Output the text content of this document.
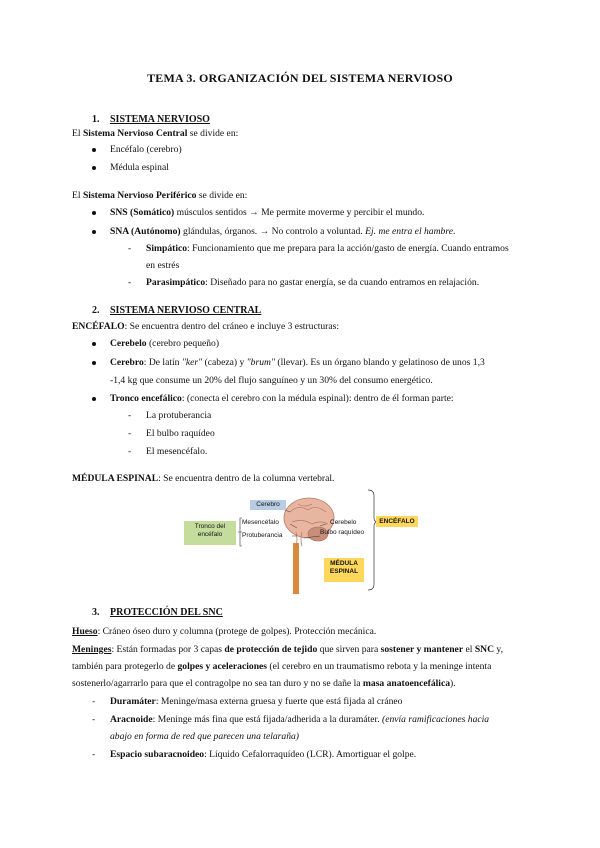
TEMA 3. ORGANIZACIÓN DEL SISTEMA NERVIOSO
1. SISTEMA NERVIOSO
El Sistema Nervioso Central se divide en:
Encéfalo (cerebro)
Médula espinal
El Sistema Nervioso Periférico se divide en:
SNS (Somático) músculos sentidos → Me permite moverme y percibir el mundo.
SNA (Autónomo) glándulas, órganos. → No controlo a voluntad. Ej. me entra el hambre.
- Simpático: Funcionamiento que me prepara para la acción/gasto de energía. Cuando entramos
en estrés
- Parasimpático: Diseñado para no gastar energía, se da cuando entramos en relajación.
2. SISTEMA NERVIOSO CENTRAL
ENCÉFALO: Se encuentra dentro del cráneo e incluye 3 estructuras:
Cerebelo (cerebro pequeño)
Cerebro: De latín "ker" (cabeza) y "brum" (llevar). Es un órgano blando y gelatinoso de unos 1,3
-1,4 kg que consume un 20% del flujo sanguíneo y un 30% del consumo energético.
Tronco encefálico: (conecta el cerebro con la médula espinal): dentro de él forman parte:
- La protuberancia
- El bulbo raquídeo
- El mesencéfalo.
MÉDULA ESPINAL: Se encuentra dentro de la columna vertebral.
Cerebro
Tronco del encéfalo
Mesencéfalo
Protuberancia
Cerebelo
Bulbo raquídeo
ENCÉFALO
MÉDULA ESPINAL
3. PROTECCIÓN DEL SNC
Hueso: Cráneo óseo duro y columna (protege de golpes). Protección mecánica.
Meninges: Están formadas por 3 capas de protección de tejido que sirven para sostener y mantener el SNC y,
también para protegerlo de golpes y aceleraciones (el cerebro en un traumatismo rebota y la meninge intenta
sostenerlo/agarrarlo para que el contragolpe no sea tan duro y no se dañe la masa anatoencefálica).
- Duramáter: Meninge/masa externa gruesa y fuerte que está fijada al cráneo
- Aracnoide: Meninge más fina que está fijada/adherida a la duramáter. (envía ramificaciones hacia
abajo en forma de red que parecen una telaraña)
- Espacio subaracnoideo: Líquido Cefalorraquídeo (LCR). Amortiguar el golpe.
